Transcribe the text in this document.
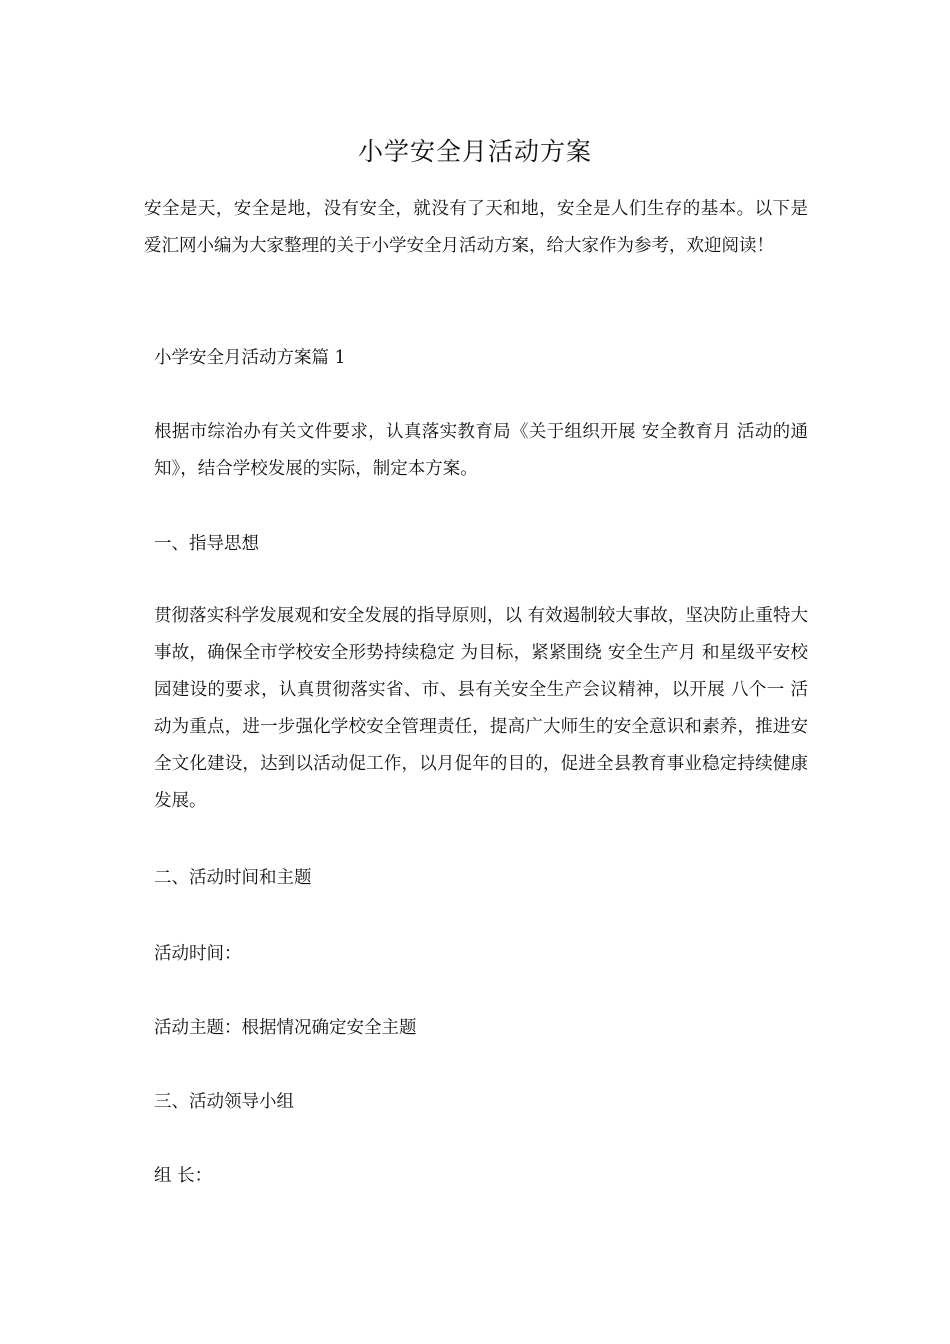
小学安全月活动方案
安全是天，安全是地，没有安全，就没有了天和地，安全是人们生存的基本。以下是爱汇网小编为大家整理的关于小学安全月活动方案，给大家作为参考，欢迎阅读！
小学安全月活动方案篇 1
根据市综治办有关文件要求，认真落实教育局《关于组织开展 安全教育月 活动的通知》，结合学校发展的实际，制定本方案。
一、指导思想
贯彻落实科学发展观和安全发展的指导原则，以 有效遏制较大事故，坚决防止重特大事故，确保全市学校安全形势持续稳定 为目标，紧紧围绕 安全生产月 和星级平安校园建设的要求，认真贯彻落实省、市、县有关安全生产会议精神，以开展 八个一 活动为重点，进一步强化学校安全管理责任，提高广大师生的安全意识和素养，推进安全文化建设，达到以活动促工作，以月促年的目的，促进全县教育事业稳定持续健康发展。
二、活动时间和主题
活动时间：
活动主题：根据情况确定安全主题
三、活动领导小组
组 长：
